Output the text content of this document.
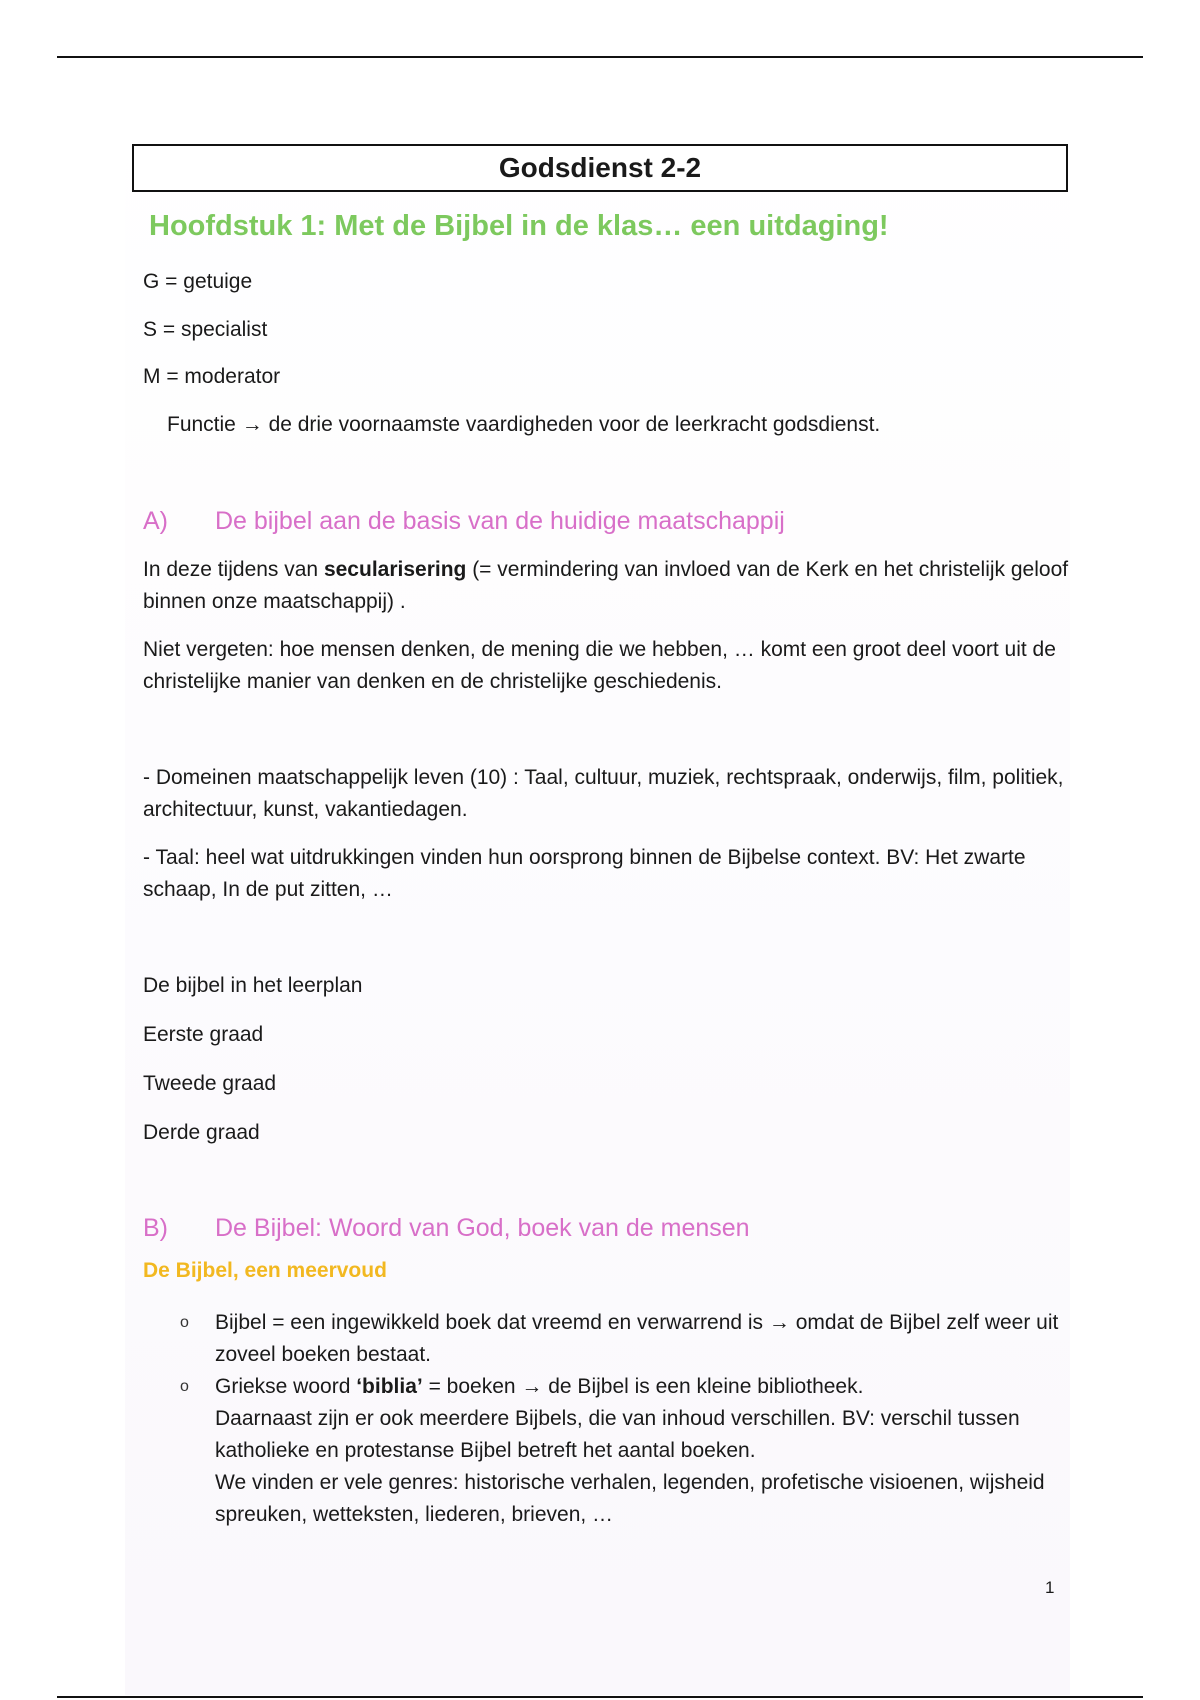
Godsdienst 2-2
Hoofdstuk 1: Met de Bijbel in de klas… een uitdaging!
G = getuige
S = specialist
M = moderator
Functie → de drie voornaamste vaardigheden voor de leerkracht godsdienst.
A) De bijbel aan de basis van de huidige maatschappij
In deze tijdens van secularisering (= vermindering van invloed van de Kerk en het christelijk geloof binnen onze maatschappij) .
Niet vergeten: hoe mensen denken, de mening die we hebben, … komt een groot deel voort uit de christelijke manier van denken en de christelijke geschiedenis.
- Domeinen maatschappelijk leven (10) : Taal, cultuur, muziek, rechtspraak, onderwijs, film, politiek, architectuur, kunst, vakantiedagen.
- Taal: heel wat uitdrukkingen vinden hun oorsprong binnen de Bijbelse context. BV: Het zwarte schaap, In de put zitten, …
De bijbel in het leerplan
Eerste graad
Tweede graad
Derde graad
B) De Bijbel: Woord van God, boek van de mensen
De Bijbel, een meervoud
o	Bijbel = een ingewikkeld boek dat vreemd en verwarrend is → omdat de Bijbel zelf weer uit zoveel boeken bestaat.
o	Griekse woord ‘biblia’ = boeken → de Bijbel is een kleine bibliotheek.
Daarnaast zijn er ook meerdere Bijbels, die van inhoud verschillen. BV: verschil tussen katholieke en protestanse Bijbel betreft het aantal boeken.
We vinden er vele genres: historische verhalen, legenden, profetische visioenen, wijsheid spreuken, wetteksten, liederen, brieven, …
1
